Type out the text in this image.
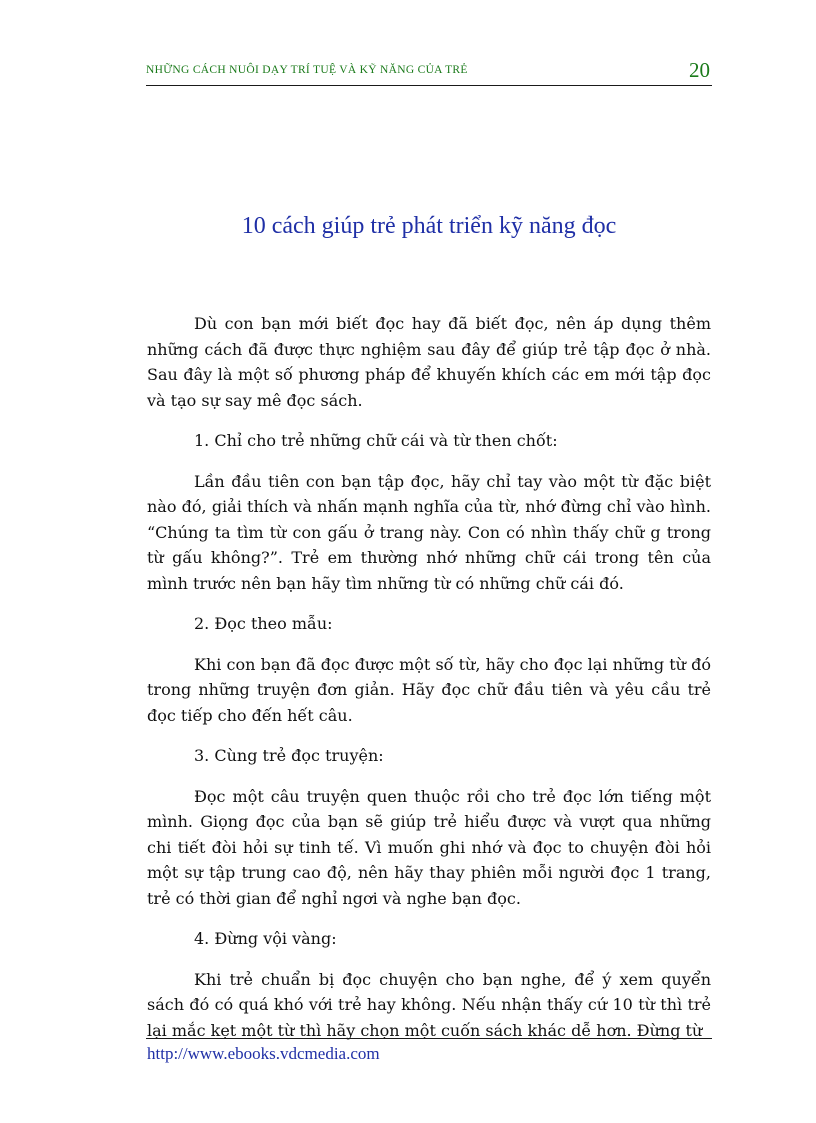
NHỮNG CÁCH NUÔI DẠY TRÍ TUỆ VÀ KỸ NĂNG CỦA TRẺ	20
10 cách giúp trẻ phát triển kỹ năng đọc

Dù con bạn mới biết đọc hay đã biết đọc, nên áp dụng thêm những cách đã được thực nghiệm sau đây để giúp trẻ tập đọc ở nhà. Sau đây là một số phương pháp để khuyến khích các em mới tập đọc và tạo sự say mê đọc sách.

1. Chỉ cho trẻ những chữ cái và từ then chốt:

Lần đầu tiên con bạn tập đọc, hãy chỉ tay vào một từ đặc biệt nào đó, giải thích và nhấn mạnh nghĩa của từ, nhớ đừng chỉ vào hình. “Chúng ta tìm từ con gấu ở trang này. Con có nhìn thấy chữ g trong từ gấu không?”. Trẻ em thường nhớ những chữ cái trong tên của mình trước nên bạn hãy tìm những từ có những chữ cái đó.

2. Đọc theo mẫu:

Khi con bạn đã đọc được một số từ, hãy cho đọc lại những từ đó trong những truyện đơn giản. Hãy đọc chữ đầu tiên và yêu cầu trẻ đọc tiếp cho đến hết câu.

3. Cùng trẻ đọc truyện:

Đọc một câu truyện quen thuộc rồi cho trẻ đọc lớn tiếng một mình. Giọng đọc của bạn sẽ giúp trẻ hiểu được và vượt qua những chi tiết đòi hỏi sự tinh tế. Vì muốn ghi nhớ và đọc to chuyện đòi hỏi một sự tập trung cao độ, nên hãy thay phiên mỗi người đọc 1 trang, trẻ có thời gian để nghỉ ngơi và nghe bạn đọc.

4. Đừng vội vàng:

Khi trẻ chuẩn bị đọc chuyện cho bạn nghe, để ý xem quyển sách đó có quá khó với trẻ hay không. Nếu nhận thấy cứ 10 từ thì trẻ lại mắc kẹt một từ thì hãy chọn một cuốn sách khác dễ hơn. Đừng từ

http://www.ebooks.vdcmedia.com
